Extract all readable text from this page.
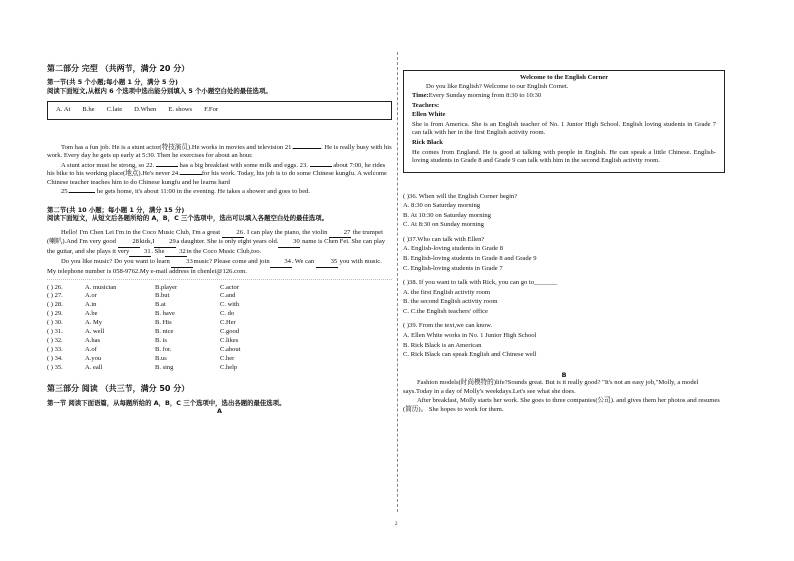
第二部分 完型 （共两节，满分 20 分）
第一节(共 5 个小题;每小题 1 分，满分 5 分)
阅读下面短文,从框内 6 个选项中选出能分别填入 5 个小题空白处的最佳选项。
A. At B.he C.late D.When E. shows F.For

Tom has a fun job. He is a stunt actor(特技演员).He works in movies and television 21.	. He is really busy with his work. Every day he gets up early at 5:30. Then he exercises for about an hour.

A stunt actor must be strong, so 22.	has a big breakfast with some milk and eggs. 23.	about 7:00, he rides his bike to his working place(地点).He's never 24.	for his work. Today, his job is to do some Chinese kungfu. A welcome Chinese teacher teaches him to do Chinese kungfu and he learns hard

25.	he gets home, it's about 11:00 in the evening. He takes a shower and goes to bed.

第二节(共 10 小题；每小题 1 分，满分 15 分)
阅读下面短文，从短文后各题所给的 A，B，C 三个选项中，选出可以填入各题空白处的最佳选项。

Hello! I'm Chen Lei I'm in the Coco Music Club, I'm a great 26. I can play the piano, the violin 27 the trumpet (喇叭).And I'm very good 28kids,I 29a daughter. She is only eight years old. 30 name is Chen Fei. She can play the guitar, and she plays it very 31. She 32in the Coco Music Club,too.

Do you like music? Do you want to learn 33music? Please come and join 34. We can 35 you with music. My telephone number is 058-9762.My e-mail address in chenlei@126.com.

( ) 26.	A. musician	B.player	C.actor
( ) 27.	A.or	B.but	C.and
( ) 28.	A.in	B.at	C. with
( ) 29.	A.be	B. have	C. do
( ) 30.	A. My	B. His	C.Her
( ) 31.	A. well	B. nice	C.good
( ) 32.	A.has	B. is	C.likes
( ) 33.	A.of	B. for.	C.about
( ) 34.	A.you	B.us	C.her
( ) 35.	A. eall	B. sing	C.help
第三部分 阅读 （共三节，满分 50 分）
第一节 阅读下面语篇，从每题所给的 A，B，C 三个选项中，选出各题的最佳选项。
A
Welcome to the English Corner

Do you like English? Welcome to our English Cornet.

Time:Every Sunday morning from 8:30 to 10:30

Teachers:

Ellen White

She is from America. She is an English teacher of No. 1 Junior High School. English loving students in Grade 7 can talk with her in the first English activity room.

Rick Black

He comes from England. He is good at talking with people in English. He can speak a little Chinese. English-loving students in Grade 8 and Grade 9 can talk with him in the second English activity room.

( )36. When will the English Corner begin?

A. 8:30 on Saturday morning

B. At 10:30 on Saturday morning

C. At 8:30 on Sunday morning

( )37.Who can talk with Ellen?

A. English-loving students in Grade 8

B. English-loving students in Grade 8 and Grade 9

C. English-loving students in Grade 7

( )38. If you want to talk with Rick, you can go to_______

A. the first English activity room

B. the second English activity room

C. C.the English teachers' office

( )39. From the text,we can know.

A. Ellen White works in No. 1 Junior High School

B. Rick Black is an American

C. Rick Black can speak English and Chinese well

B

Fashion models(时尚模特的)life?Sounds great. But is it really good? "It's not an easy job,"Molly, a model says.Today in a day of Molly's weekdays.Let's see what she does.

After breakfast, Molly starts her work. She goes to three companies(公司). and gives them her photos and resumes (简历)。 She hopes to work for them.

2
